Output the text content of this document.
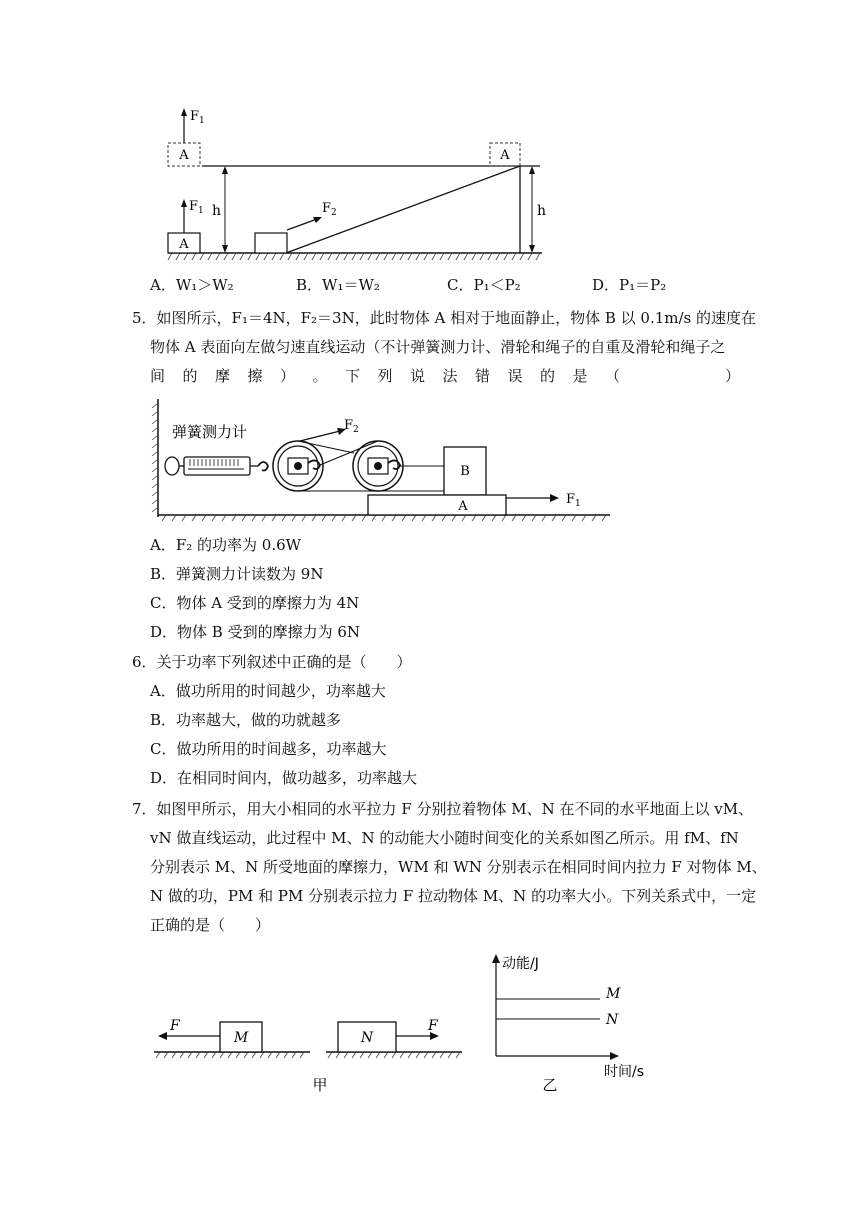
A
$F_1$
A
$F_1$
h	$F_2$
A
h
A．W₁＞W₂	B．W₁＝W₂	C．P₁＜P₂	D．P₁＝P₂
5．如图所示，F₁＝4N，F₂＝3N，此时物体 A 相对于地面静止，物体 B 以 0.1m/s 的速度在
物体 A 表面向左做匀速直线运动（不计弹簧测力计、滑轮和绳子的自重及滑轮和绳子之
间 的 摩 擦 ） 。 下 列 说 法 错 误 的 是 （	）
弹簧测力计	$F_2$
B
A	$F_1$
A．F₂ 的功率为 0.6W
B．弹簧测力计读数为 9N
C．物体 A 受到的摩擦力为 4N
D．物体 B 受到的摩擦力为 6N
6．关于功率下列叙述中正确的是（　　）
A．做功所用的时间越少，功率越大
B．功率越大，做的功就越多
C．做功所用的时间越多，功率越大
D．在相同时间内，做功越多，功率越大
7．如图甲所示，用大小相同的水平拉力 F 分别拉着物体 M、N 在不同的水平地面上以 vM、
vN 做直线运动，此过程中 M、N 的动能大小随时间变化的关系如图乙所示。用 fM、fN
分别表示 M、N 所受地面的摩擦力，WM 和 WN 分别表示在相同时间内拉力 F 对物体 M、
N 做的功，PM 和 PM 分别表示拉力 F 拉动物体 M、N 的功率大小。下列关系式中，一定
正确的是（　　）
M
F
N
F
甲
动能/J
时间/s
M
N
乙
